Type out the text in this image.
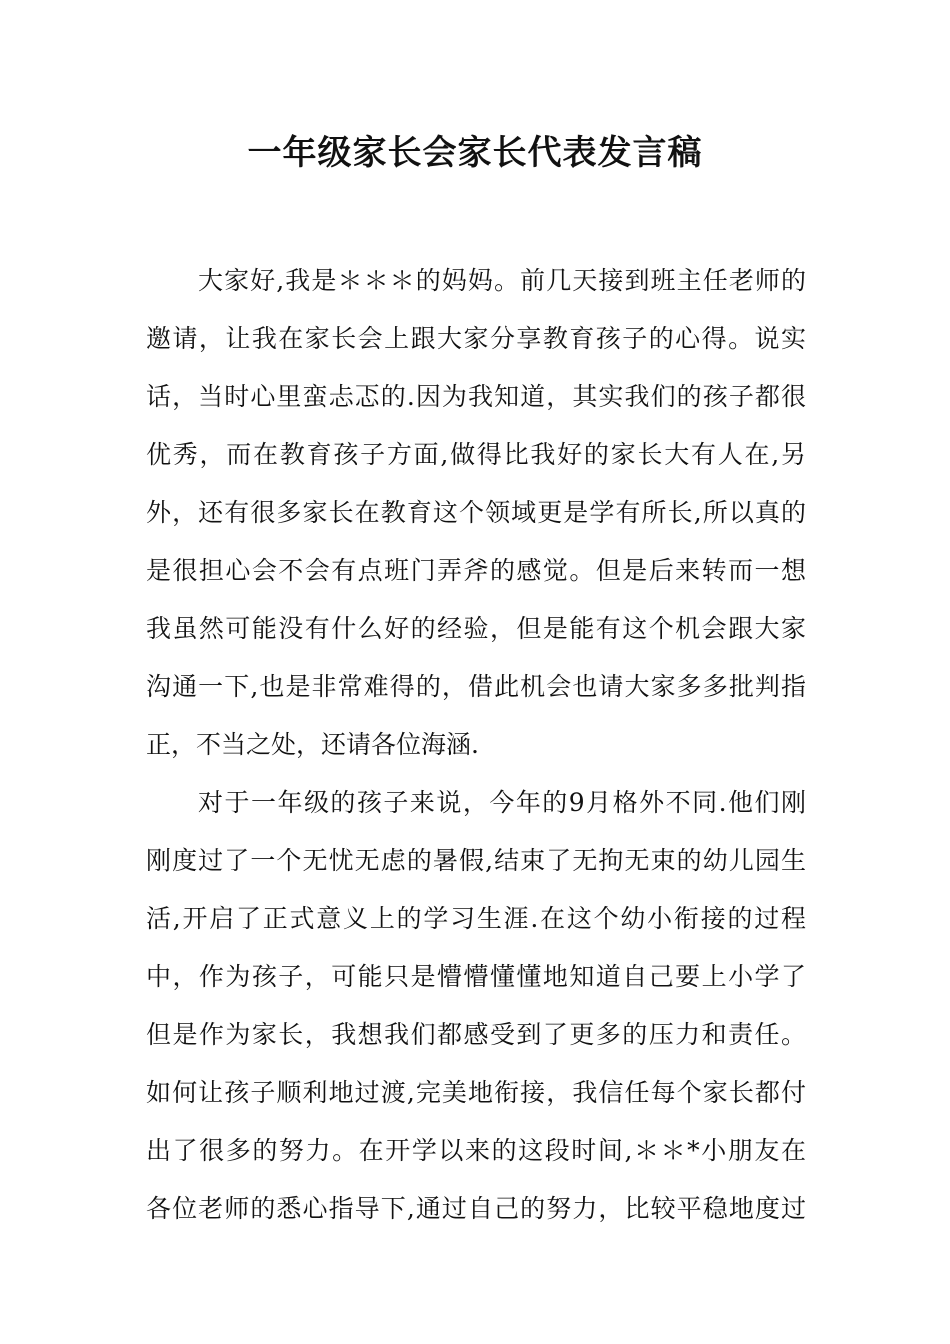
一年级家长会家长代表发言稿
大家好,我是＊＊＊的妈妈。前几天接到班主任老师的
邀请，让我在家长会上跟大家分享教育孩子的心得。说实
话，当时心里蛮忐忑的.因为我知道，其实我们的孩子都很
优秀，而在教育孩子方面,做得比我好的家长大有人在,另
外，还有很多家长在教育这个领域更是学有所长,所以真的
是很担心会不会有点班门弄斧的感觉。但是后来转而一想
我虽然可能没有什么好的经验，但是能有这个机会跟大家
沟通一下,也是非常难得的，借此机会也请大家多多批判指
正，不当之处，还请各位海涵.
对于一年级的孩子来说，今年的9月格外不同.他们刚
刚度过了一个无忧无虑的暑假,结束了无拘无束的幼儿园生
活,开启了正式意义上的学习生涯.在这个幼小衔接的过程
中，作为孩子，可能只是懵懵懂懂地知道自己要上小学了
但是作为家长，我想我们都感受到了更多的压力和责任。
如何让孩子顺利地过渡,完美地衔接，我信任每个家长都付
出了很多的努力。在开学以来的这段时间,＊＊*小朋友在
各位老师的悉心指导下,通过自己的努力，比较平稳地度过
